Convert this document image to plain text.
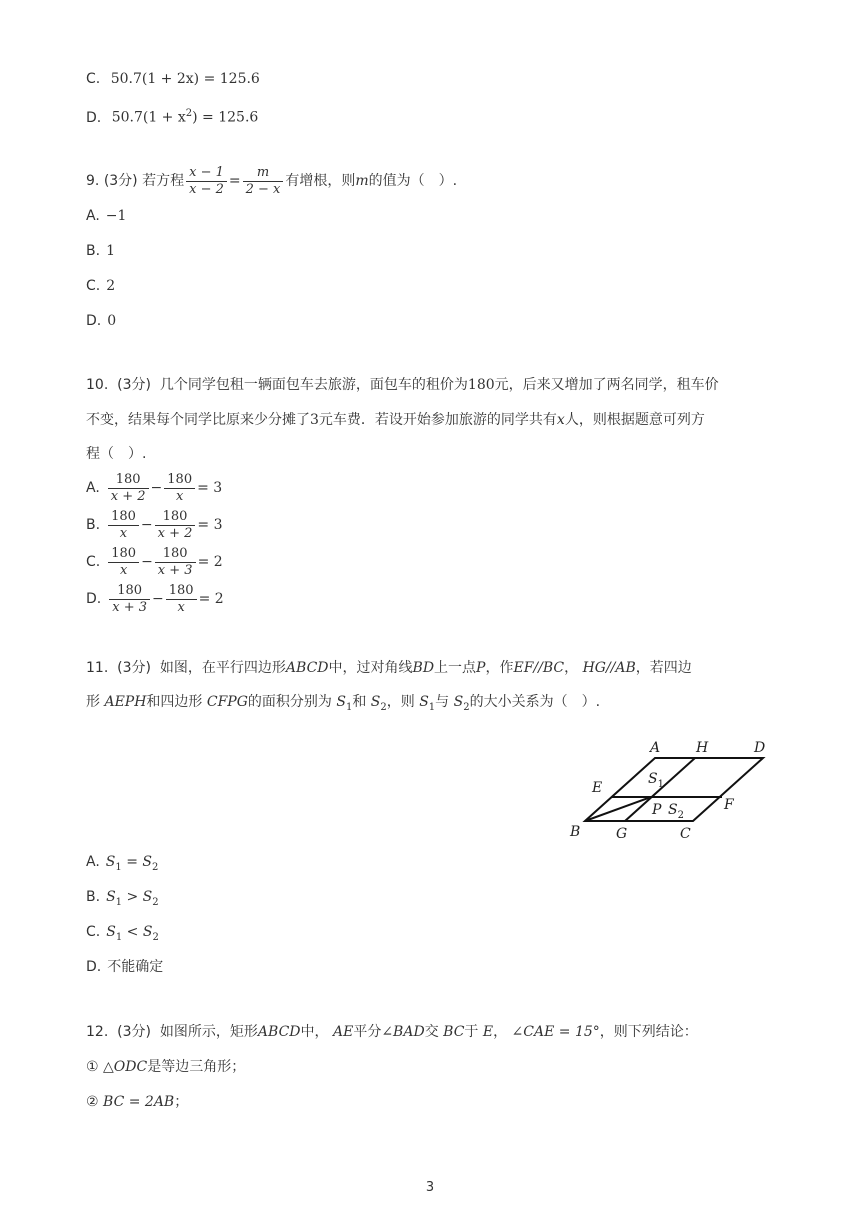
C. 50.7(1 + 2x) = 125.6
D. $50.7(1 + x^2) = 125.6$
9.
(3分)
若方程 $\frac{x - 1}{x - 2} = \frac{m}{2 - x}$ 有增根，则 m 的值为（　）.
A. −1
B. 1
C. 2
D. 0
10. (3分) 几个同学包租一辆面包车去旅游，面包车的租价为180元，后来又增加了两名同学，租车价
不变，结果每个同学比原来少分摊了3元车费．若设开始参加旅游的同学共有x人，则根据题意可列方
程（　）.
A. $\frac{180}{x + 2} - \frac{180}{x} = 3$
B. $\frac{180}{x} - \frac{180}{x + 2} = 3$
C. $\frac{180}{x} - \frac{180}{x + 3} = 2$
D. $\frac{180}{x + 3} - \frac{180}{x} = 2$
11. (3分) 如图，在平行四边形ABCD中，过对角线BD上一点P，作EF//BC， HG//AB，若四边
形 AEPH和四边形 CFPG的面积分别为 $S_1$和 $S_2$，则 $S_1$与 $S_2$的大小关系为（　）.
A	H	D
E
$S_1$
P $S_2$
F
B	G	C
A. $S_1 = S_2$
B. $S_1 > S_2$
C. $S_1 < S_2$
D. 不能确定
12. (3分) 如图所示，矩形ABCD中， AE平分∠BAD交 BC于 E， ∠CAE = 15°，则下列结论：
① △ODC是等边三角形；
② BC = 2AB；
3
